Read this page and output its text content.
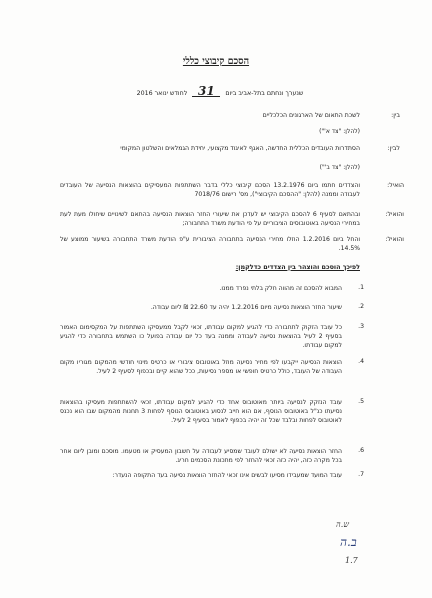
הסכם קיבוצי כללי
שנערך ונחתם בתל-אביב ביום 31 לחודש ינואר 2016
בין:
לשכת התאום של הארגונים הכלכליים
(להלן: "צד א'")
לבין:
הסתדרות העובדים הכללית החדשה, האגף לאיגוד מקצועי, יחידת הגמלאים והשלטון המקומי
(להלן: "צד ב'")
הואיל:
והצדדים חתמו ביום 13.2.1976 הסכם קיבוצי כללי בדבר השתתפות המעסיקים בהוצאות הנסיעה של העובדים לעבודה וממנה (להלן: "ההסכם הקיבוצי"), מס' רישום 7018/76
והואיל:
ובהתאם לסעיף 6 להסכם הקיבוצי יש לעדכן את שיעורי החזר הוצאות הנסיעה בהתאם לשינויים שיחולו מעת לעת במחירי הנסיעה באוטובוסים הציבוריים על פי הודעת משרד התחבורה;
והואיל:
והחל ביום 1.2.2016 הוזלו מחירי הנסיעה בתחבורה הציבורית ע"פ הודעת משרד התחבורה בשיעור ממוצע של 14.5%.
לפיכך הוסכם והוצהר בין הצדדים כדלקמן:
1.
המבוא להסכם זה מהווה חלק בלתי נפרד ממנו.
2.
שיעור החזר הוצאות נסיעה מיום 1.2.2016 יהיה עד 22.60 ₪ ליום עבודה.
3.
כל עובד הזקוק לתחבורה כדי להגיע למקום עבודתו, זכאי לקבל ממעסיקו השתתפות על המקסימום האמור בסעיף 2 לעיל בהוצאות נסיעה לעבודה וממנה בעד כל יום עבודה בפועל כו השתמש בתחבורה כדי להגיע למקום עבודתו.
4.
הוצאות הנסיעה ייקבעו לפי מחיר נסיעה מוזל באוטובוס ציבורי או כרטיס מינוי חודשי מהמקום מגוריו מקום העבודה של העובד, כולל כרטיס חופשי או מספר נסיעות, ככל שהוא קיים ובכפוף לסעיף 2 לעיל.
5.
עובד הנזקק לנסיעה ביותר מאוטובוס אחד כדי להגיע למקום עבודתו, זכאי להשתתפות מעסיקו בהוצאות נסיעתו כנ"ל באוטובוס הנוסף, אם הוא חייב לנסוע באוטובוס הנוסף לפחות 3 תחנות מהמקום שבו הוא נכנס לאוטובוס לפחות ובלבד שכל זה יהיה בכפוף לאמור בסעיף 2 לעיל.
6.
החזר הוצאות נסיעה לא ישולם לעובד שמסיע לעבודה על חשבון המעסיק או מטעמו. מוסכם ומובן ליום אחר בכל מקרה כזה, יהיה כזה זכאי להחזר לפי מתכונת הסכמים חריג.
7.
עובד המועד שמעבידו מסיעו לבשים אינו זכאי להחזר הוצאות נסיעה בעד התקופה הנעדר:
ש.ה
ב.ה
1.7
